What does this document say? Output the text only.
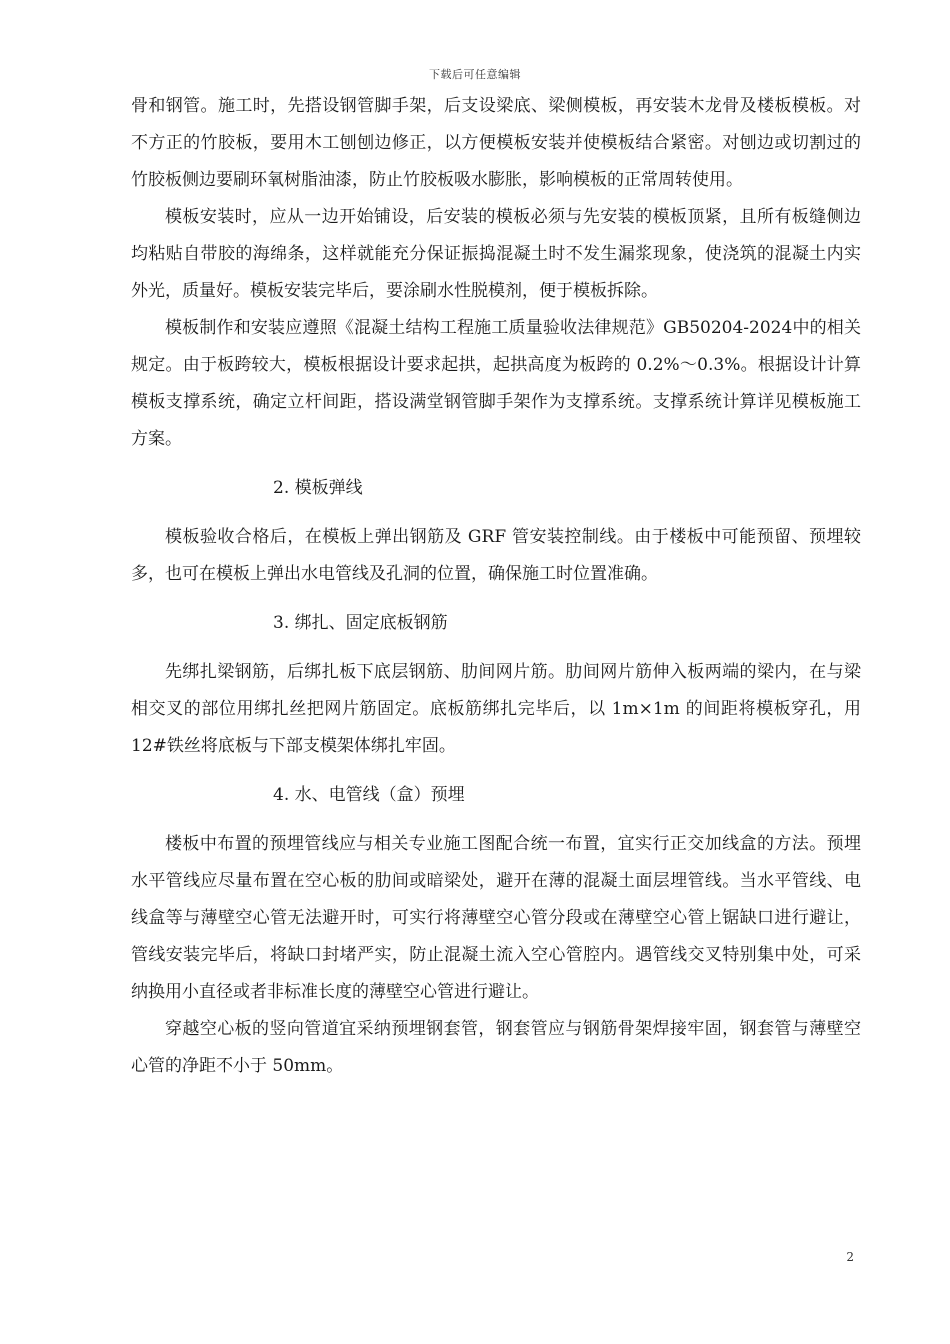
下载后可任意编辑

骨和钢管。施工时，先搭设钢管脚手架，后支设梁底、梁侧模板，再安装木龙骨及楼板模板。对不方正的竹胶板，要用木工刨刨边修正，以方便模板安装并使模板结合紧密。对刨边或切割过的竹胶板侧边要刷环氧树脂油漆，防止竹胶板吸水膨胀，影响模板的正常周转使用。

模板安装时，应从一边开始铺设，后安装的模板必须与先安装的模板顶紧，且所有板缝侧边均粘贴自带胶的海绵条，这样就能充分保证振捣混凝土时不发生漏浆现象，使浇筑的混凝土内实外光，质量好。模板安装完毕后，要涂刷水性脱模剂，便于模板拆除。

模板制作和安装应遵照《混凝土结构工程施工质量验收法律规范》GB50204-2024中的相关规定。由于板跨较大，模板根据设计要求起拱，起拱高度为板跨的 0.2%～0.3%。根据设计计算模板支撑系统，确定立杆间距，搭设满堂钢管脚手架作为支撑系统。支撑系统计算详见模板施工方案。

2. 模板弹线

模板验收合格后，在模板上弹出钢筋及 GRF 管安装控制线。由于楼板中可能预留、预埋较多，也可在模板上弹出水电管线及孔洞的位置，确保施工时位置准确。

3. 绑扎、固定底板钢筋

先绑扎梁钢筋，后绑扎板下底层钢筋、肋间网片筋。肋间网片筋伸入板两端的梁内，在与梁相交叉的部位用绑扎丝把网片筋固定。底板筋绑扎完毕后，以 1m×1m 的间距将模板穿孔，用 12#铁丝将底板与下部支模架体绑扎牢固。

4. 水、电管线（盒）预埋

楼板中布置的预埋管线应与相关专业施工图配合统一布置，宜实行正交加线盒的方法。预埋水平管线应尽量布置在空心板的肋间或暗梁处，避开在薄的混凝土面层埋管线。当水平管线、电线盒等与薄壁空心管无法避开时，可实行将薄壁空心管分段或在薄壁空心管上锯缺口进行避让，管线安装完毕后，将缺口封堵严实，防止混凝土流入空心管腔内。遇管线交叉特别集中处，可采纳换用小直径或者非标准长度的薄壁空心管进行避让。

穿越空心板的竖向管道宜采纳预埋钢套管，钢套管应与钢筋骨架焊接牢固，钢套管与薄壁空心管的净距不小于 50mm。

2
